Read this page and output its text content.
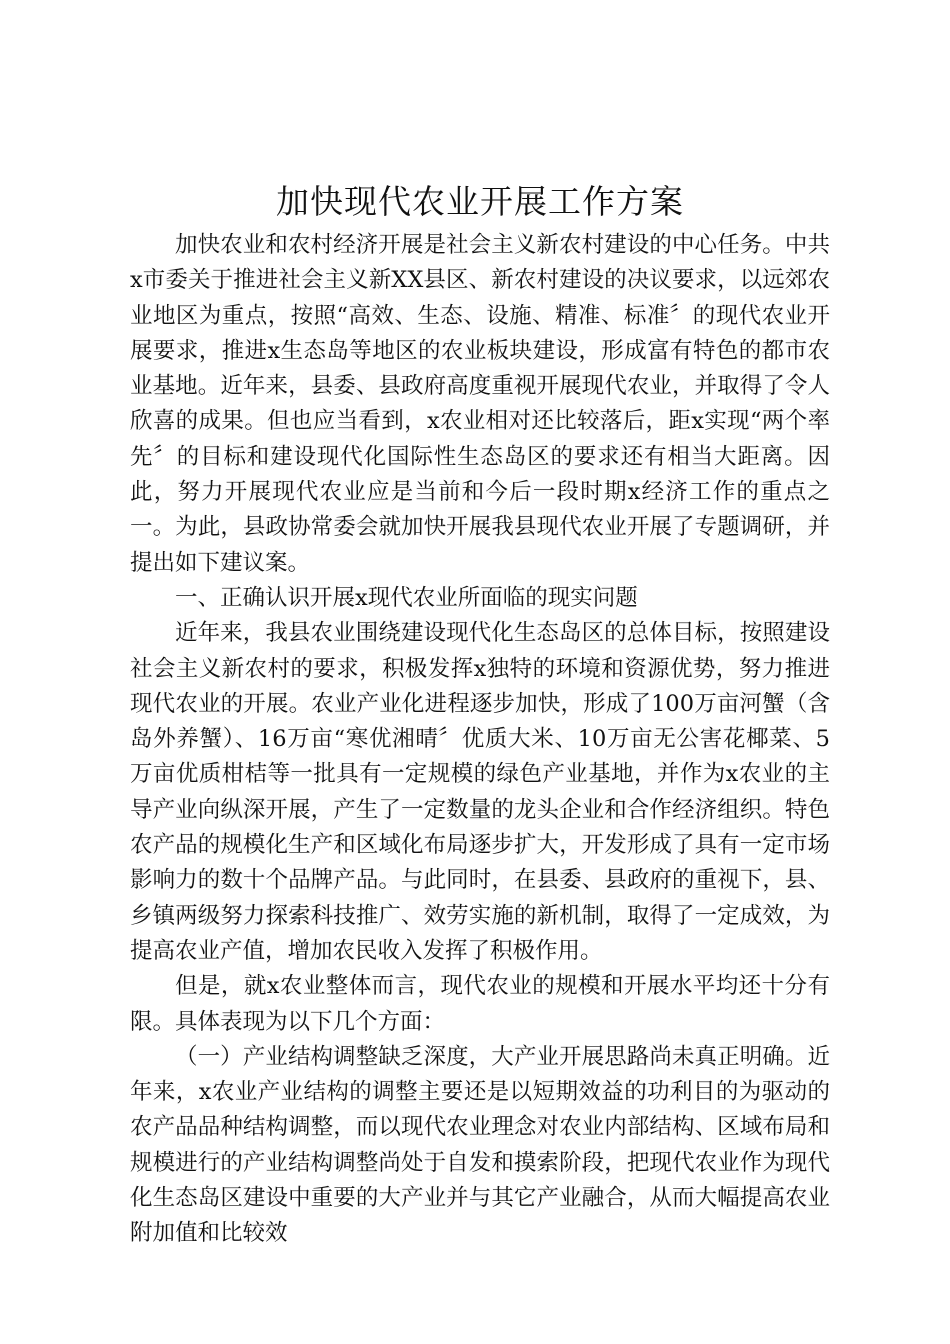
加快现代农业开展工作方案

加快农业和农村经济开展是社会主义新农村建设的中心任务。中共x市委关于推进社会主义新XX县区、新农村建设的决议要求，以远郊农业地区为重点，按照“高效、生态、设施、精准、标准〞的现代农业开展要求，推进x生态岛等地区的农业板块建设，形成富有特色的都市农业基地。近年来，县委、县政府高度重视开展现代农业，并取得了令人欣喜的成果。但也应当看到，x农业相对还比较落后，距x实现“两个率先〞的目标和建设现代化国际性生态岛区的要求还有相当大距离。因此，努力开展现代农业应是当前和今后一段时期x经济工作的重点之一。为此，县政协常委会就加快开展我县现代农业开展了专题调研，并提出如下建议案。

一、正确认识开展x现代农业所面临的现实问题

近年来，我县农业围绕建设现代化生态岛区的总体目标，按照建设社会主义新农村的要求，积极发挥x独特的环境和资源优势，努力推进现代农业的开展。农业产业化进程逐步加快，形成了100万亩河蟹（含岛外养蟹）、16万亩“寒优湘晴〞优质大米、10万亩无公害花椰菜、5万亩优质柑桔等一批具有一定规模的绿色产业基地，并作为x农业的主导产业向纵深开展，产生了一定数量的龙头企业和合作经济组织。特色农产品的规模化生产和区域化布局逐步扩大，开发形成了具有一定市场影响力的数十个品牌产品。与此同时，在县委、县政府的重视下，县、乡镇两级努力探索科技推广、效劳实施的新机制，取得了一定成效，为提高农业产值，增加农民收入发挥了积极作用。

但是，就x农业整体而言，现代农业的规模和开展水平均还十分有限。具体表现为以下几个方面：

（一）产业结构调整缺乏深度，大产业开展思路尚未真正明确。近年来，x农业产业结构的调整主要还是以短期效益的功利目的为驱动的农产品品种结构调整，而以现代农业理念对农业内部结构、区域布局和规模进行的产业结构调整尚处于自发和摸索阶段，把现代农业作为现代化生态岛区建设中重要的大产业并与其它产业融合，从而大幅提高农业附加值和比较效
